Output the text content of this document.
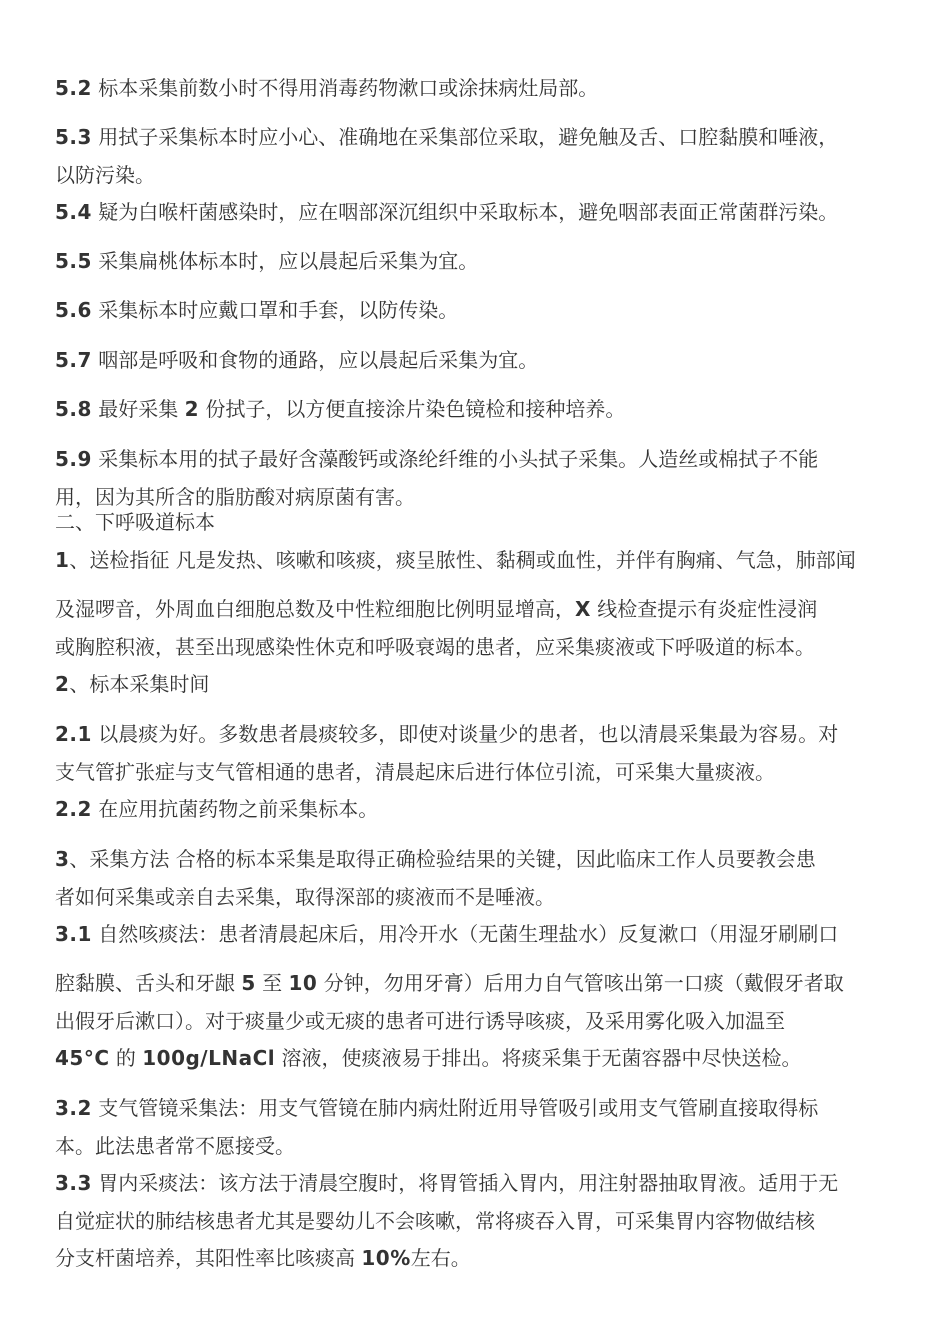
5.2 标本采集前数小时不得用消毒药物漱口或涂抹病灶局部。
5.3 用拭子采集标本时应小心、准确地在采集部位采取，避免触及舌、口腔黏膜和唾液，
以防污染。
5.4 疑为白喉杆菌感染时，应在咽部深沉组织中采取标本，避免咽部表面正常菌群污染。
5.5 采集扁桃体标本时，应以晨起后采集为宜。
5.6 采集标本时应戴口罩和手套，以防传染。
5.7 咽部是呼吸和食物的通路，应以晨起后采集为宜。
5.8 最好采集 2 份拭子，以方便直接涂片染色镜检和接种培养。
5.9 采集标本用的拭子最好含藻酸钙或涤纶纤维的小头拭子采集。人造丝或棉拭子不能
用，因为其所含的脂肪酸对病原菌有害。
二、下呼吸道标本
1、送检指征 凡是发热、咳嗽和咳痰，痰呈脓性、黏稠或血性，并伴有胸痛、气急，肺部闻
及湿啰音，外周血白细胞总数及中性粒细胞比例明显增高，X 线检查提示有炎症性浸润
或胸腔积液，甚至出现感染性休克和呼吸衰竭的患者，应采集痰液或下呼吸道的标本。
2、标本采集时间
2.1 以晨痰为好。多数患者晨痰较多，即使对谈量少的患者，也以清晨采集最为容易。对
支气管扩张症与支气管相通的患者，清晨起床后进行体位引流，可采集大量痰液。
2.2 在应用抗菌药物之前采集标本。
3、采集方法 合格的标本采集是取得正确检验结果的关键，因此临床工作人员要教会患
者如何采集或亲自去采集，取得深部的痰液而不是唾液。
3.1 自然咳痰法：患者清晨起床后，用冷开水（无菌生理盐水）反复漱口（用湿牙刷刷口
腔黏膜、舌头和牙龈 5 至 10 分钟，勿用牙膏）后用力自气管咳出第一口痰（戴假牙者取
出假牙后漱口）。对于痰量少或无痰的患者可进行诱导咳痰，及采用雾化吸入加温至
45°C 的 100g/LNaCl 溶液，使痰液易于排出。将痰采集于无菌容器中尽快送检。
3.2 支气管镜采集法：用支气管镜在肺内病灶附近用导管吸引或用支气管刷直接取得标
本。此法患者常不愿接受。
3.3 胃内采痰法：该方法于清晨空腹时，将胃管插入胃内，用注射器抽取胃液。适用于无
自觉症状的肺结核患者尤其是婴幼儿不会咳嗽，常将痰吞入胃，可采集胃内容物做结核
分支杆菌培养，其阳性率比咳痰高 10%左右。
